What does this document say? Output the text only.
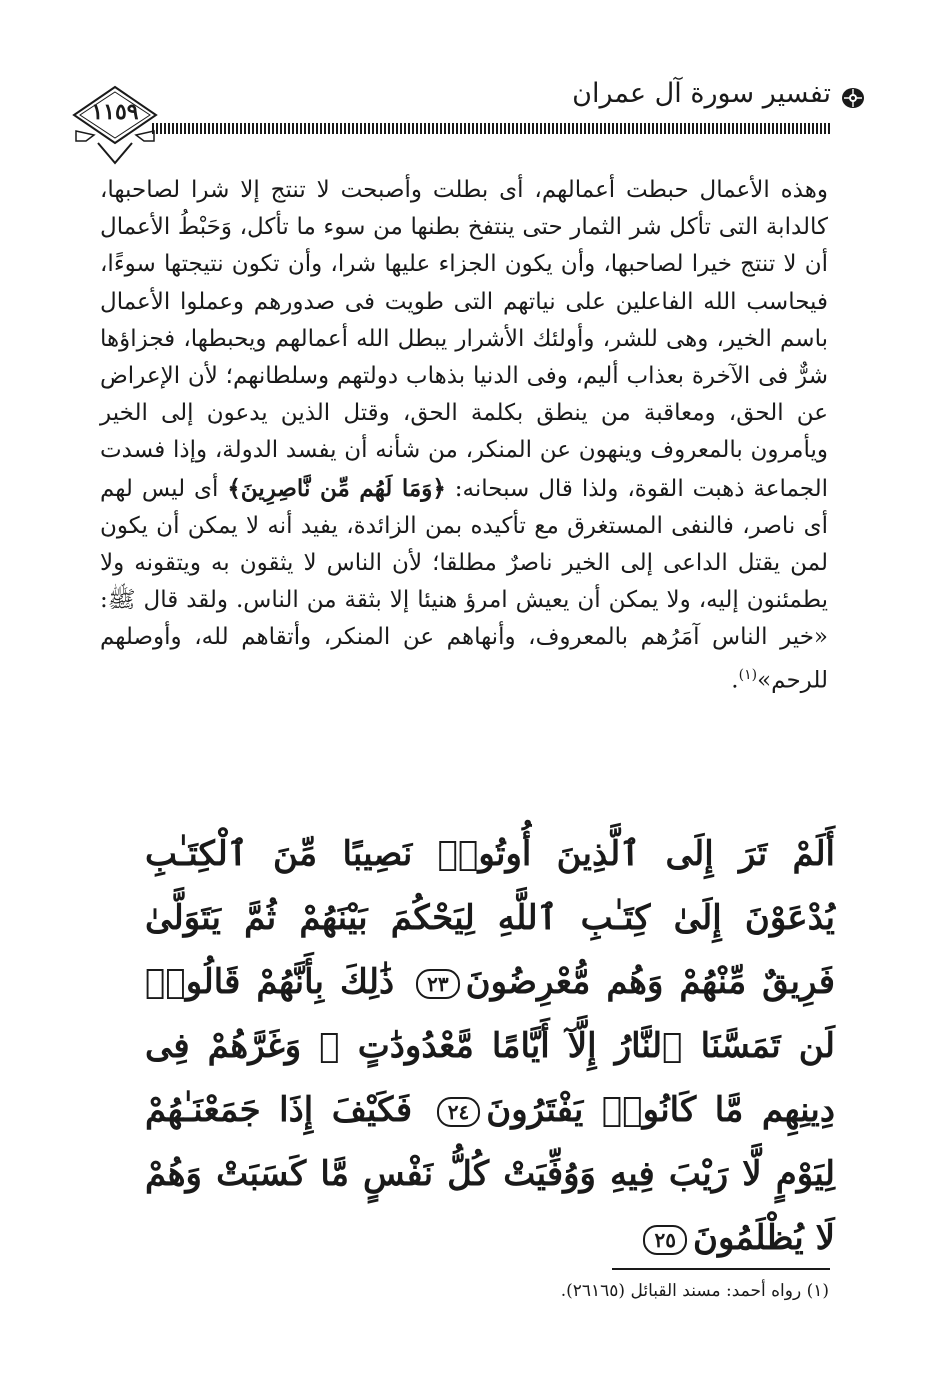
تفسير سورة آل عمران
١١٥٩
وهذه الأعمال حبطت أعمالهم، أى بطلت وأصبحت لا تنتج إلا شرا لصاحبها، كالدابة التى تأكل شر الثمار حتى ينتفخ بطنها من سوء ما تأكل، وَحَبْطُ الأعمال أن لا تنتج خيرا لصاحبها، وأن يكون الجزاء عليها شرا، وأن تكون نتيجتها سوءًا، فيحاسب الله الفاعلين على نياتهم التى طويت فى صدورهم وعملوا الأعمال باسم الخير، وهى للشر، وأولئك الأشرار يبطل الله أعمالهم ويحبطها، فجزاؤها شرٌّ فى الآخرة بعذاب أليم، وفى الدنيا بذهاب دولتهم وسلطانهم؛ لأن الإعراض عن الحق، ومعاقبة من ينطق بكلمة الحق، وقتل الذين يدعون إلى الخير ويأمرون بالمعروف وينهون عن المنكر، من شأنه أن يفسد الدولة، وإذا فسدت الجماعة ذهبت القوة، ولذا قال سبحانه: ﴿وَمَا لَهُم مِّن نَّاصِرِينَ﴾ أى ليس لهم أى ناصر، فالنفى المستغرق مع تأكيده بمن الزائدة، يفيد أنه لا يمكن أن يكون لمن يقتل الداعى إلى الخير ناصرٌ مطلقا؛ لأن الناس لا يثقون به ويتقونه ولا يطمئنون إليه، ولا يمكن أن يعيش امرؤ هنيئا إلا بثقة من الناس. ولقد قال ﷺ: «خير الناس آمَرُهم بالمعروف، وأنهاهم عن المنكر، وأتقاهم لله، وأوصلهم للرحم»$^{(١)}$.
أَلَمْ تَرَ إِلَى ٱلَّذِينَ أُوتُوا۟ نَصِيبًا مِّنَ ٱلْكِتَـٰبِ يُدْعَوْنَ إِلَىٰ كِتَـٰبِ ٱللَّهِ لِيَحْكُمَ بَيْنَهُمْ ثُمَّ يَتَوَلَّىٰ فَرِيقٌ مِّنْهُمْ وَهُم مُّعْرِضُونَ٢٣ ذَٰلِكَ بِأَنَّهُمْ قَالُوا۟ لَن تَمَسَّنَا ٱلنَّارُ إِلَّآ أَيَّامًا مَّعْدُودَٰتٍ ۖ وَغَرَّهُمْ فِى دِينِهِم مَّا كَانُوا۟ يَفْتَرُونَ٢٤ فَكَيْفَ إِذَا جَمَعْنَـٰهُمْ لِيَوْمٍ لَّا رَيْبَ فِيهِ وَوُفِّيَتْ كُلُّ نَفْسٍ مَّا كَسَبَتْ وَهُمْ لَا يُظْلَمُونَ٢٥
(١) رواه أحمد: مسند القبائل (٢٦١٦٥).
